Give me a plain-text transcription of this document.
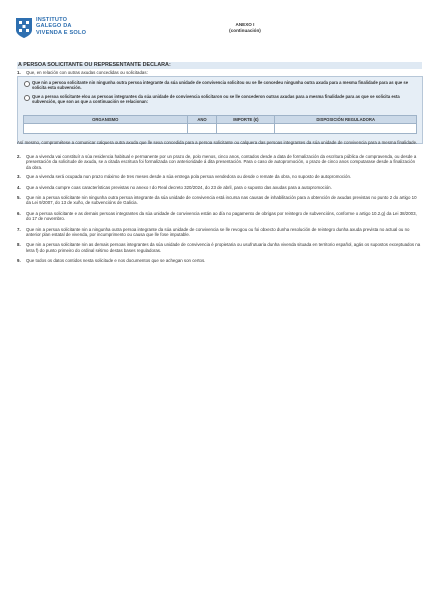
INSTITUTO
GALEGO DA
VIVENDA E SOLO
ANEXO I
(continuación)
A PERSOA SOLICITANTE OU REPRESENTANTE DECLARA:
1. Que, en relación con outras axudas concedidas ou solicitadas:
Que nin a persoa solicitante nin ningunha outra persoa integrante da súa unidade de convivencia solicitou ou se lle concedeu ningunha outra axuda para a mesma finalidade para as que se solicita esta subvención.
Que a persoa solicitante e/ou as persoas integrantes da súa unidade de convivencia solicitaron ou se lle concederon outras axudas para a mesma finalidade para as que se solicita esta subvención, que son as que a continuación se relacionan:
ORGANISMO	ANO	IMPORTE (€)	DISPOSICIÓN REGULADORA

Así mesmo, comprométese a comunicar calquera outra axuda que lle sexa concedida para a persoa solicitante ou calquera das persoas integrantes da súa unidade de convivencia para a mesma finalidade.
2. Que a vivenda vai constituír a súa residencia habitual e permanente por un prazo de, polo menos, cinco anos, contados desde a data de formalización da escritura pública de compravenda, ou desde a presentación da solicitude de axuda, se a citada escritura foi formalizada con anterioridade á dita presentación. Para o caso de autopromoción, o prazo de cinco anos computarase desde a finalización da obra.
3. Que a vivenda será ocupada nun prazo máximo de tres meses desde a súa entrega pola persoa vendedora ou desde o remate da obra, no suposto de autopromoción.
4. Que a vivenda cumpre coas características previstas no anexo I do Real decreto 320/2024, do 23 de abril, para o suposto das axudas para a autopromoción.
5. Que nin a persoa solicitante nin ningunha outra persoa integrante da súa unidade de convivencia está incursa nas causas de inhabilitación para a obtención de axudas previstas no punto 2 do artigo 10 da Lei 9/2007, do 13 de xuño, de subvencións de Galicia.
6. Que a persoa solicitante e as demais persoas integrantes da súa unidade de convivencia están ao día no pagamento de obrigas por reintegro de subvencións, conforme o artigo 10.2.g) da Lei 38/2003, do 17 de novembro.
7. Que nin a persoa solicitante nin a ningunha outra persoa integrante da súa unidade de convivencia se lle revogou ou foi obxecto dunha resolución de reintegro dunha axuda prevista no actual ou no anterior plan estatal de vivenda, por incumprimento ou causa que lle fose imputable.
8. Que nin a persoa solicitante nin as demais persoas integrantes da súa unidade de convivencia é propietaria ou usufrutuaria dunha vivenda situada en territorio español, agás os supostos exceptuados na letra f) do punto primeiro do ordinal sétimo destas bases reguladoras.
9. Que todos os datos contidos nesta solicitude e nos documentos que se achegan son certos.
